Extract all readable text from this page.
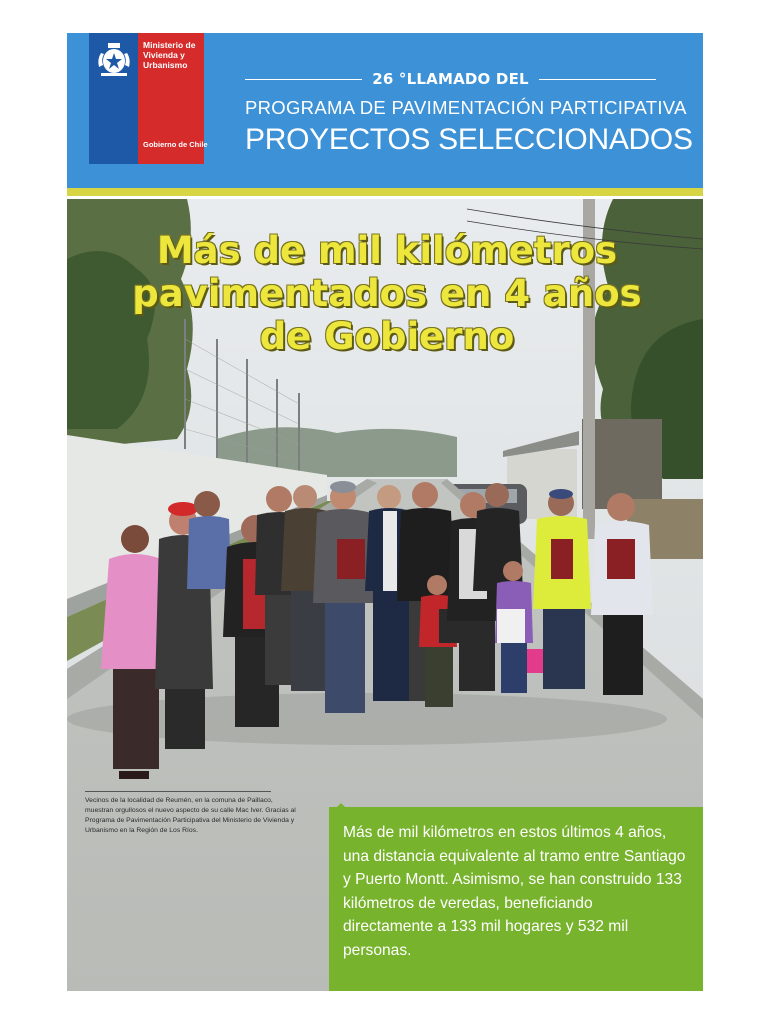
Ministerio de
Vivienda y
Urbanismo
Gobierno de Chile
26 °LLAMADO DEL
PROGRAMA DE PAVIMENTACIÓN PARTICIPATIVA
PROYECTOS SELECCIONADOS
Más de mil kilómetros
pavimentados en 4 años
de Gobierno
Vecinos de la localidad de Reumén, en la comuna de Paillaco, muestran orgullosos el nuevo aspecto de su calle Mac Iver. Gracias al Programa de Pavimentación Participativa del Ministerio de Vivienda y Urbanismo en la Región de Los Ríos.	Más de mil kilómetros en estos últimos 4 años, una distancia equivalente al tramo entre Santiago y Puerto Montt. Asimismo, se han construido 133 kilómetros de veredas, beneficiando directamente a 133 mil hogares y 532 mil personas.
